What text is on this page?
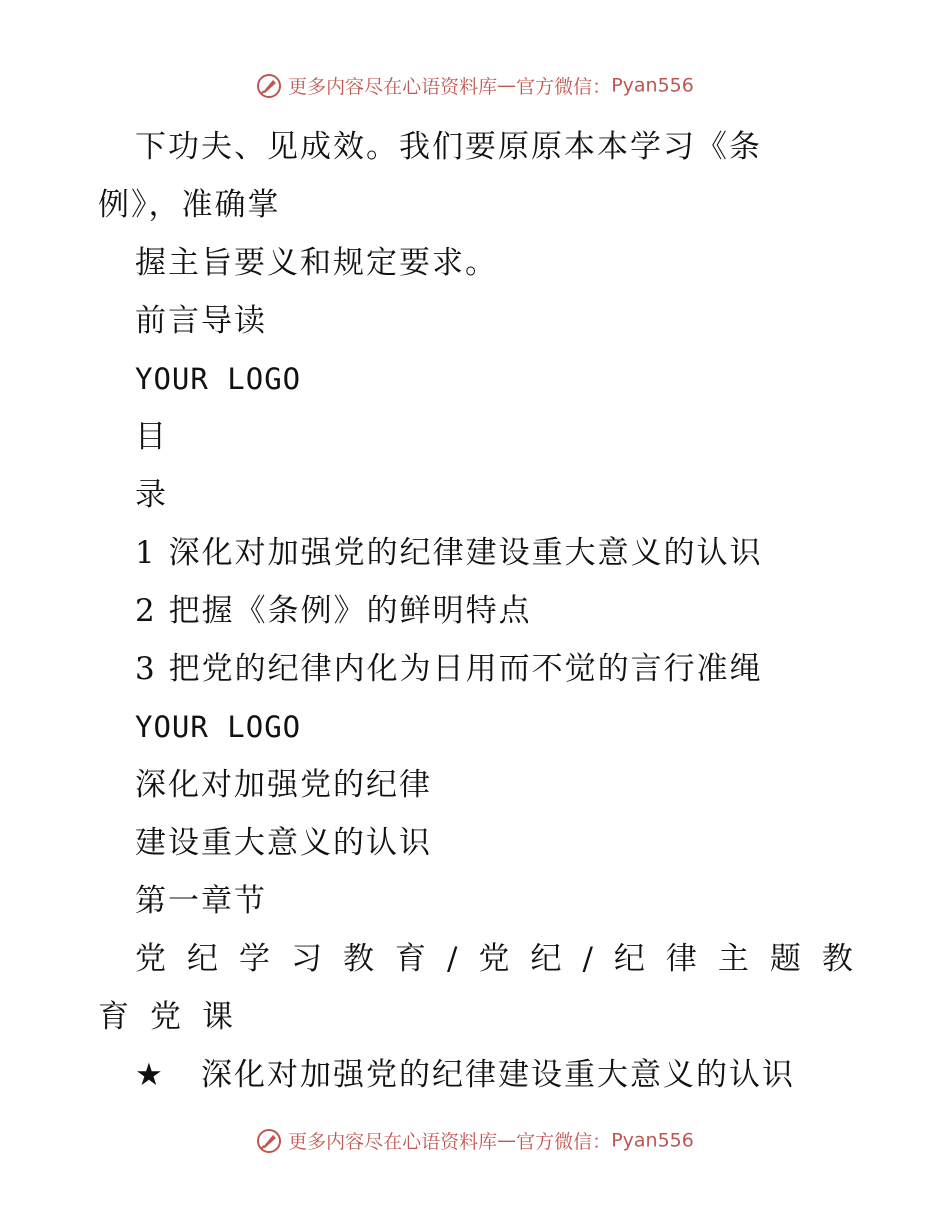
更多内容尽在心语资料库—官方微信：Pyan556
下功夫、见成效。我们要原原本本学习《条
例》，准确掌
握主旨要义和规定要求。
前言导读
YOUR LOGO
目
录
1 深化对加强党的纪律建设重大意义的认识
2 把握《条例》的鲜明特点
3 把党的纪律内化为日用而不觉的言行准绳
YOUR LOGO
深化对加强党的纪律
建设重大意义的认识
第一章节
党纪学习教育/党纪/纪律主题教
育党课
★ 深化对加强党的纪律建设重大意义的认识
更多内容尽在心语资料库—官方微信：Pyan556
